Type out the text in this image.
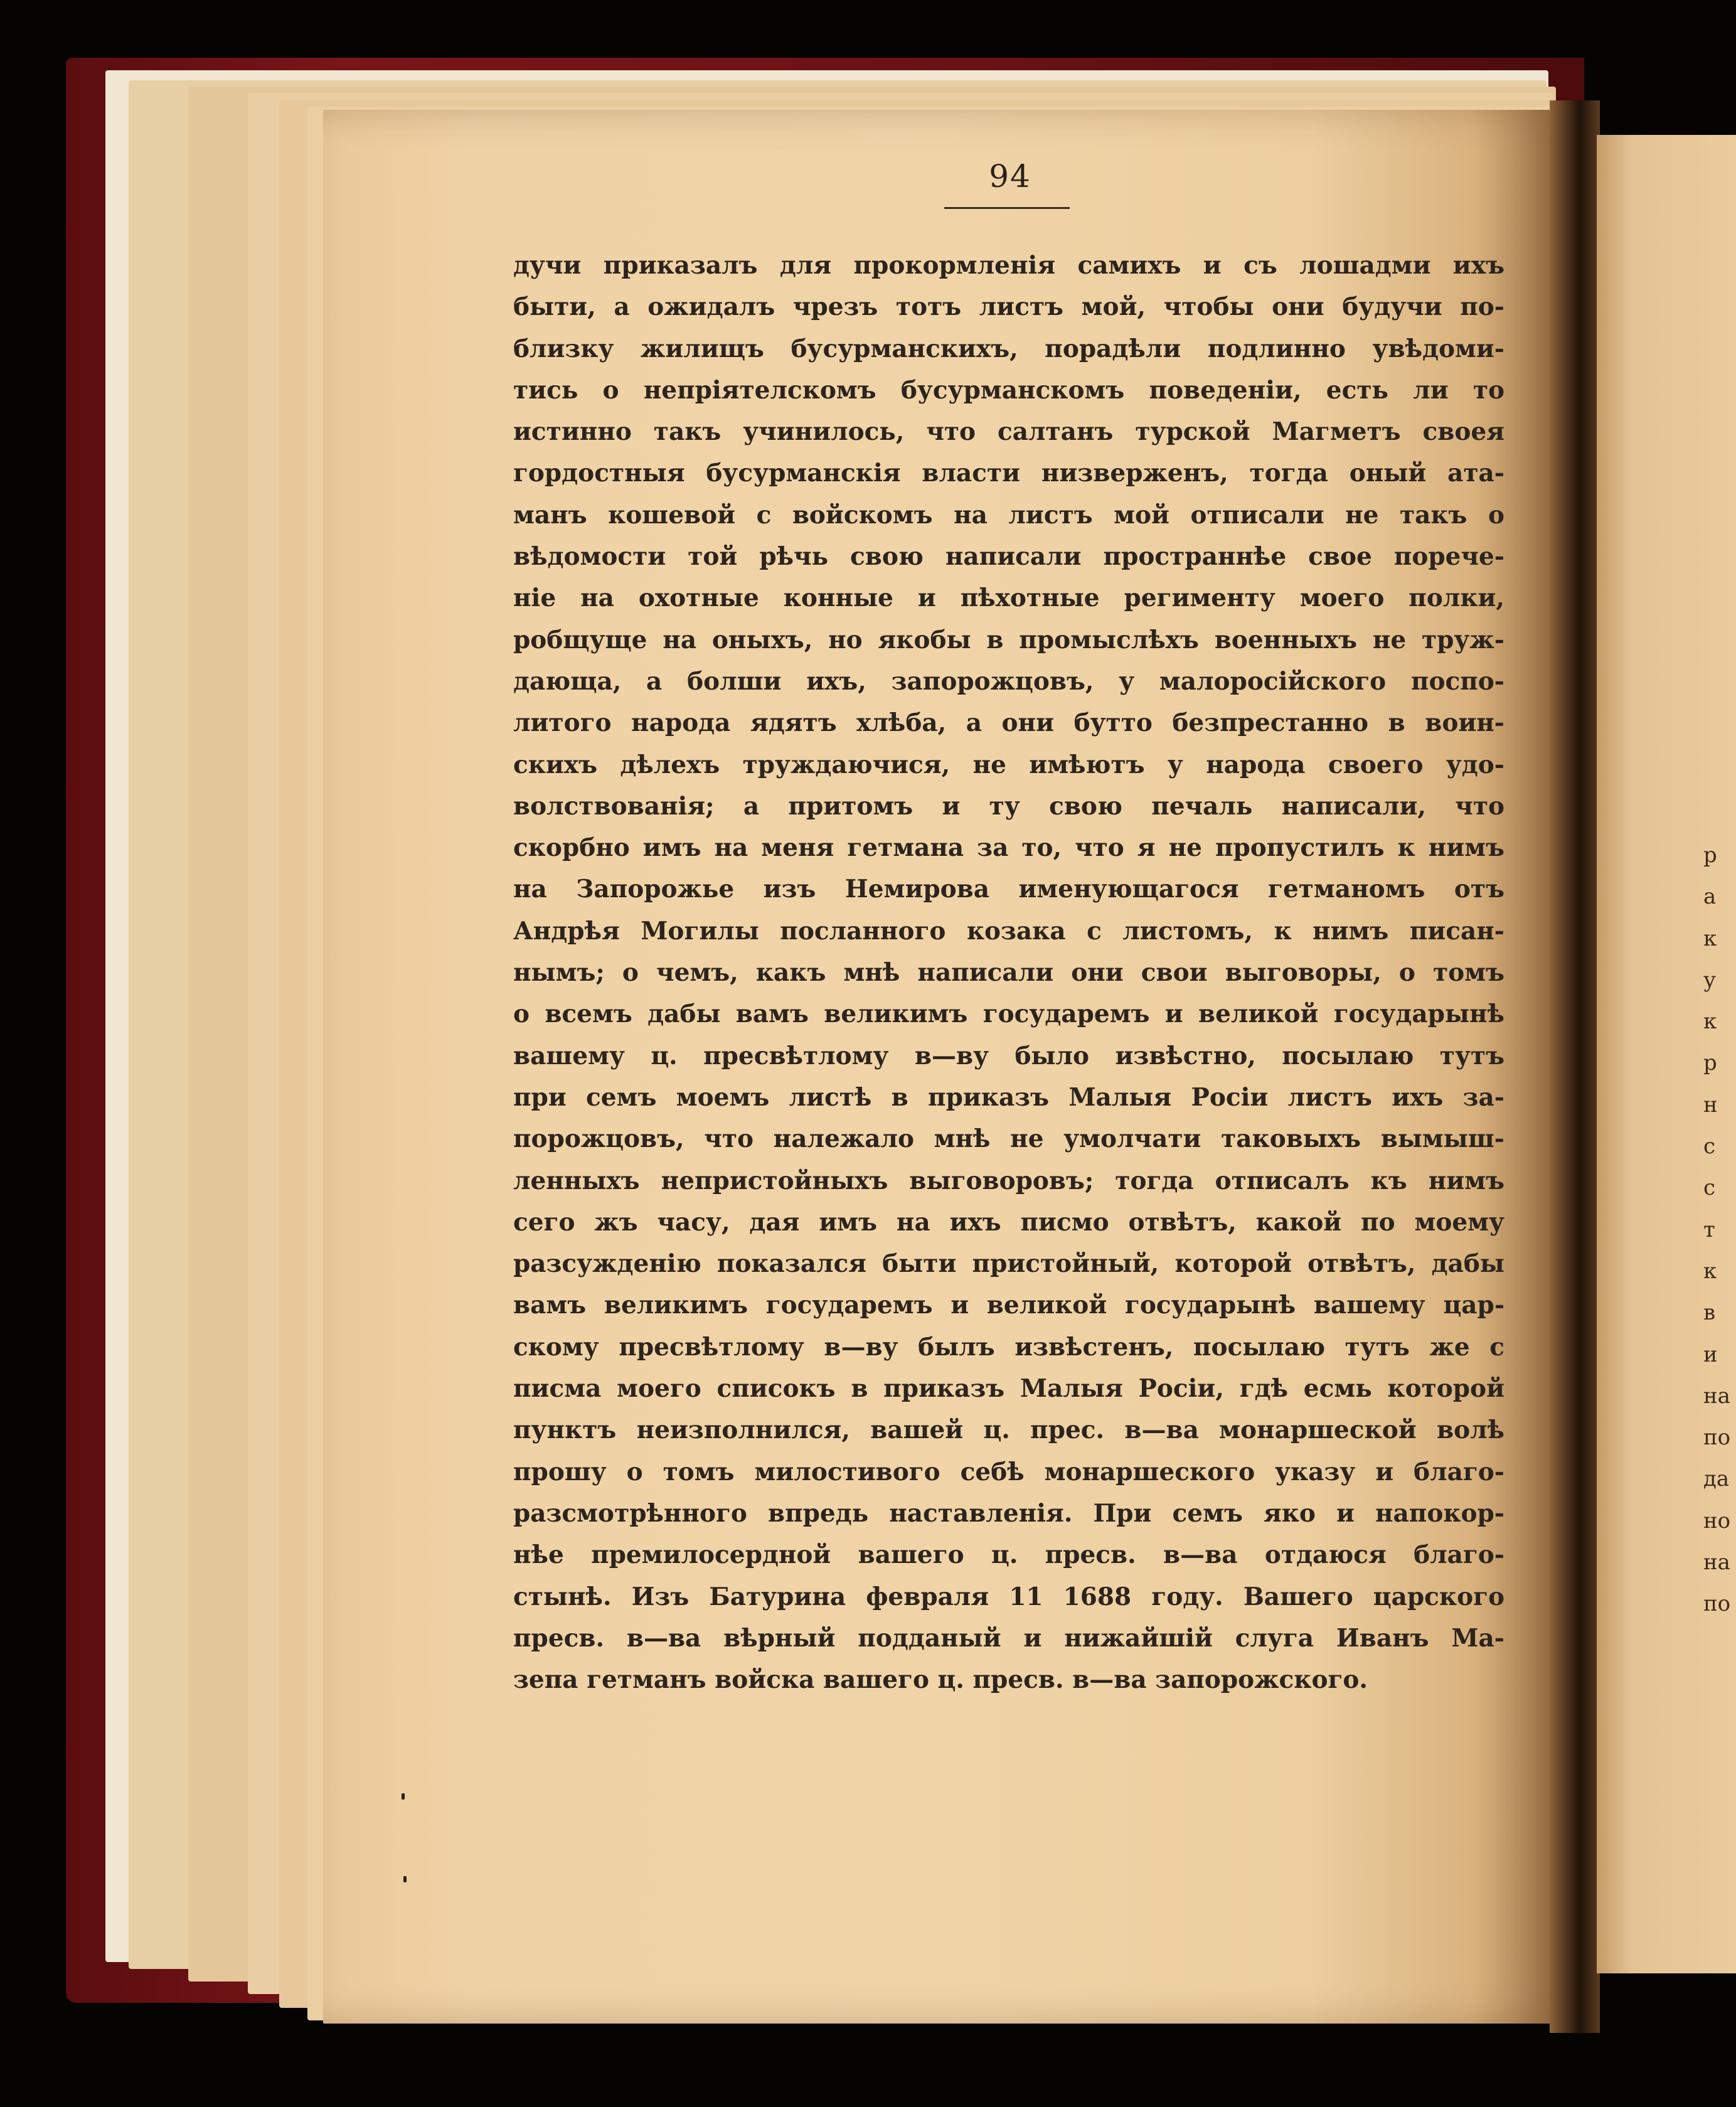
94
дучи приказалъ для прокормленія самихъ и съ лошадми ихъ
быти, а ожидалъ чрезъ тотъ листъ мой, чтобы они будучи по-
близку жилищъ бусурманскихъ, порадѣли подлинно увѣдоми-
тись о непріятелскомъ бусурманскомъ поведеніи, есть ли то
истинно такъ учинилось, что салтанъ турской Магметъ своея
гордостныя бусурманскія власти низверженъ, тогда оный ата-
манъ кошевой с войскомъ на листъ мой отписали не такъ о
вѣдомости той рѣчь свою написали пространнѣе свое порече-
ніе на охотные конные и пѣхотные регименту моего полки,
робщуще на оныхъ, но якобы в промыслѣхъ военныхъ не труж-
дающа, а болши ихъ, запорожцовъ, у малоросійского поспо-
литого народа ядятъ хлѣба, а они бутто безпрестанно в воин-
скихъ дѣлехъ труждаючися, не имѣютъ у народа своего удо-
волствованія; а притомъ и ту свою печаль написали, что
скорбно имъ на меня гетмана за то, что я не пропустилъ к нимъ
на Запорожье изъ Немирова именующагося гетманомъ отъ
Андрѣя Могилы посланного козака с листомъ, к нимъ писан-
нымъ; о чемъ, какъ мнѣ написали они свои выговоры, о томъ
о всемъ дабы вамъ великимъ государемъ и великой государынѣ
вашему ц. пресвѣтлому в—ву было извѣстно, посылаю тутъ
при семъ моемъ листѣ в приказъ Малыя Росіи листъ ихъ за-
порожцовъ, что належало мнѣ не умолчати таковыхъ вымыш-
ленныхъ непристойныхъ выговоровъ; тогда отписалъ къ нимъ
сего жъ часу, дая имъ на ихъ писмо отвѣтъ, какой по моему
разсужденію показался быти пристойный, которой отвѣтъ, дабы
вамъ великимъ государемъ и великой государынѣ вашему цар-
скому пресвѣтлому в—ву былъ извѣстенъ, посылаю тутъ же с
писма моего списокъ в приказъ Малыя Росіи, гдѣ есмь которой
пунктъ неизполнился, вашей ц. прес. в—ва монаршеской волѣ
прошу о томъ милостивого себѣ монаршеского указу и благо-
разсмотрѣнного впредь наставленія. При семъ яко и напокор-
нѣе премилосердной вашего ц. пресв. в—ва отдаюся благо-
стынѣ. Изъ Батурина февраля 11 1688 году. Вашего царского
пресв. в—ва вѣрный подданый и нижайшій слуга Иванъ Ма-
зепа гетманъ войска вашего ц. пресв. в—ва запорожского.
р
а
к
у
к
р
н
с
с
т
к
в
и
на
по
да
но
на
по
